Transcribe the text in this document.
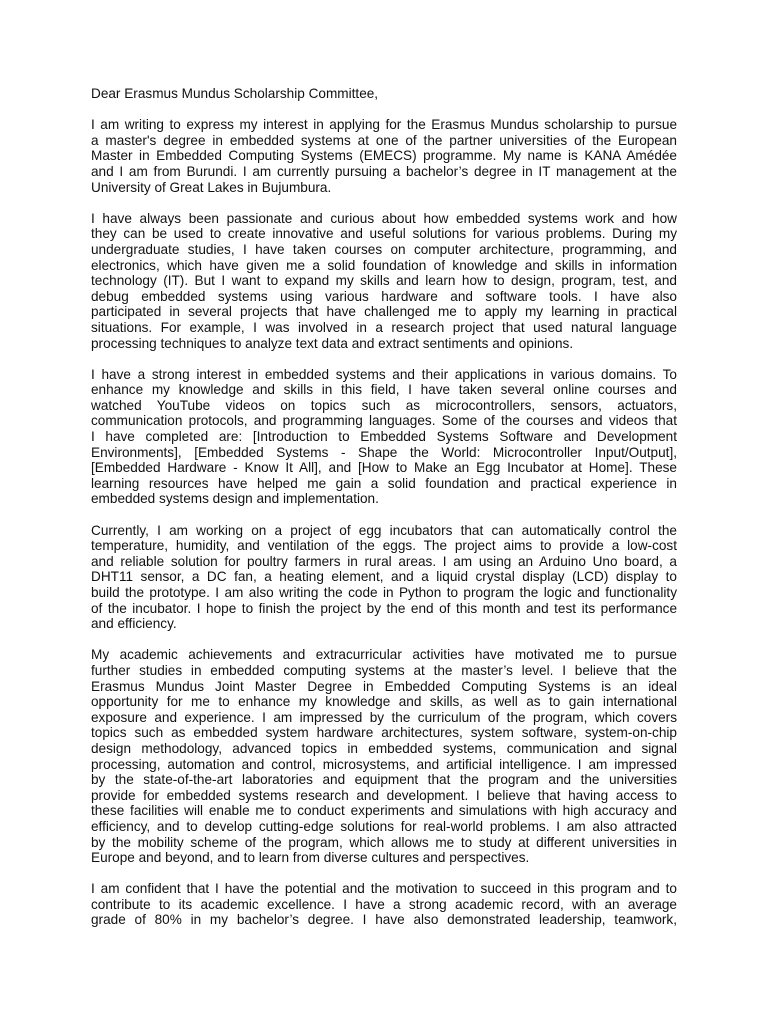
Dear Erasmus Mundus Scholarship Committee,

I am writing to express my interest in applying for the Erasmus Mundus scholarship to pursue
a master's degree in embedded systems at one of the partner universities of the European
Master in Embedded Computing Systems (EMECS) programme. My name is KANA Amédée
and I am from Burundi. I am currently pursuing a bachelor’s degree in IT management at the
University of Great Lakes in Bujumbura.

I have always been passionate and curious about how embedded systems work and how
they can be used to create innovative and useful solutions for various problems. During my
undergraduate studies, I have taken courses on computer architecture, programming, and
electronics, which have given me a solid foundation of knowledge and skills in information
technology (IT). But I want to expand my skills and learn how to design, program, test, and
debug embedded systems using various hardware and software tools. I have also
participated in several projects that have challenged me to apply my learning in practical
situations. For example, I was involved in a research project that used natural language
processing techniques to analyze text data and extract sentiments and opinions.

I have a strong interest in embedded systems and their applications in various domains. To
enhance my knowledge and skills in this field, I have taken several online courses and
watched YouTube videos on topics such as microcontrollers, sensors, actuators,
communication protocols, and programming languages. Some of the courses and videos that
I have completed are: [Introduction to Embedded Systems Software and Development
Environments], [Embedded Systems - Shape the World: Microcontroller Input/Output],
[Embedded Hardware - Know It All], and [How to Make an Egg Incubator at Home]. These
learning resources have helped me gain a solid foundation and practical experience in
embedded systems design and implementation.

Currently, I am working on a project of egg incubators that can automatically control the
temperature, humidity, and ventilation of the eggs. The project aims to provide a low-cost
and reliable solution for poultry farmers in rural areas. I am using an Arduino Uno board, a
DHT11 sensor, a DC fan, a heating element, and a liquid crystal display (LCD) display to
build the prototype. I am also writing the code in Python to program the logic and functionality
of the incubator. I hope to finish the project by the end of this month and test its performance
and efficiency.

My academic achievements and extracurricular activities have motivated me to pursue
further studies in embedded computing systems at the master’s level. I believe that the
Erasmus Mundus Joint Master Degree in Embedded Computing Systems is an ideal
opportunity for me to enhance my knowledge and skills, as well as to gain international
exposure and experience. I am impressed by the curriculum of the program, which covers
topics such as embedded system hardware architectures, system software, system-on-chip
design methodology, advanced topics in embedded systems, communication and signal
processing, automation and control, microsystems, and artificial intelligence. I am impressed
by the state-of-the-art laboratories and equipment that the program and the universities
provide for embedded systems research and development. I believe that having access to
these facilities will enable me to conduct experiments and simulations with high accuracy and
efficiency, and to develop cutting-edge solutions for real-world problems. I am also attracted
by the mobility scheme of the program, which allows me to study at different universities in
Europe and beyond, and to learn from diverse cultures and perspectives.

I am confident that I have the potential and the motivation to succeed in this program and to
contribute to its academic excellence. I have a strong academic record, with an average
grade of 80% in my bachelor’s degree. I have also demonstrated leadership, teamwork,
